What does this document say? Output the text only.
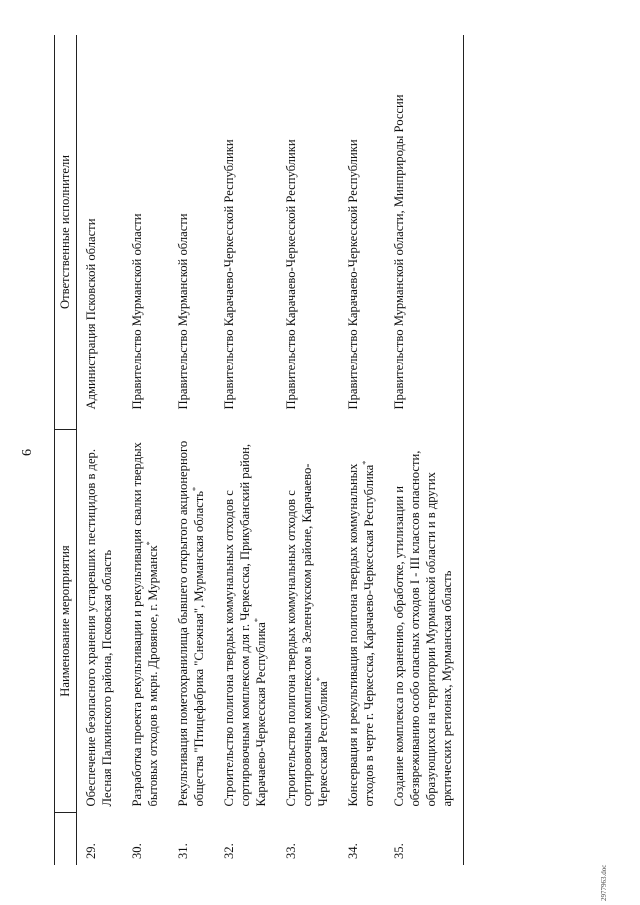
6
	Наименование мероприятия	Ответственные исполнители
29.	Обеспечение безопасного хранения устаревших пестицидов в дер. Лесная Палкинского района, Псковская область	Администрация Псковской области
30.	Разработка проекта рекультивации и рекультивация свалки твердых бытовых отходов в мкрн. Дровяное, г. Мурманск*	Правительство Мурманской области
31.	Рекультивация пометохранилища бывшего открытого акционерного общества "Птицефабрика "Снежная", Мурманская область*	Правительство Мурманской области
32.	Строительство полигона твердых коммунальных отходов с сортировочным комплексом для г. Черкесска, Прикубанский район, Карачаево-Черкесская Республика*	Правительство Карачаево-Черкесской Республики
33.	Строительство полигона твердых коммунальных отходов с сортировочным комплексом в Зеленчукском районе, Карачаево-Черкесская Республика*	Правительство Карачаево-Черкесской Республики
34.	Консервация и рекультивация полигона твердых коммунальных отходов в черте г. Черкесска, Карачаево-Черкесская Республика*	Правительство Карачаево-Черкесской Республики
35.	Создание комплекса по хранению, обработке, утилизации и обезвреживанию особо опасных отходов I - III классов опасности, образующихся на территории Мурманской области и в других арктических регионах, Мурманская область	Правительство Мурманской области, Минприроды России
2977963.doc
